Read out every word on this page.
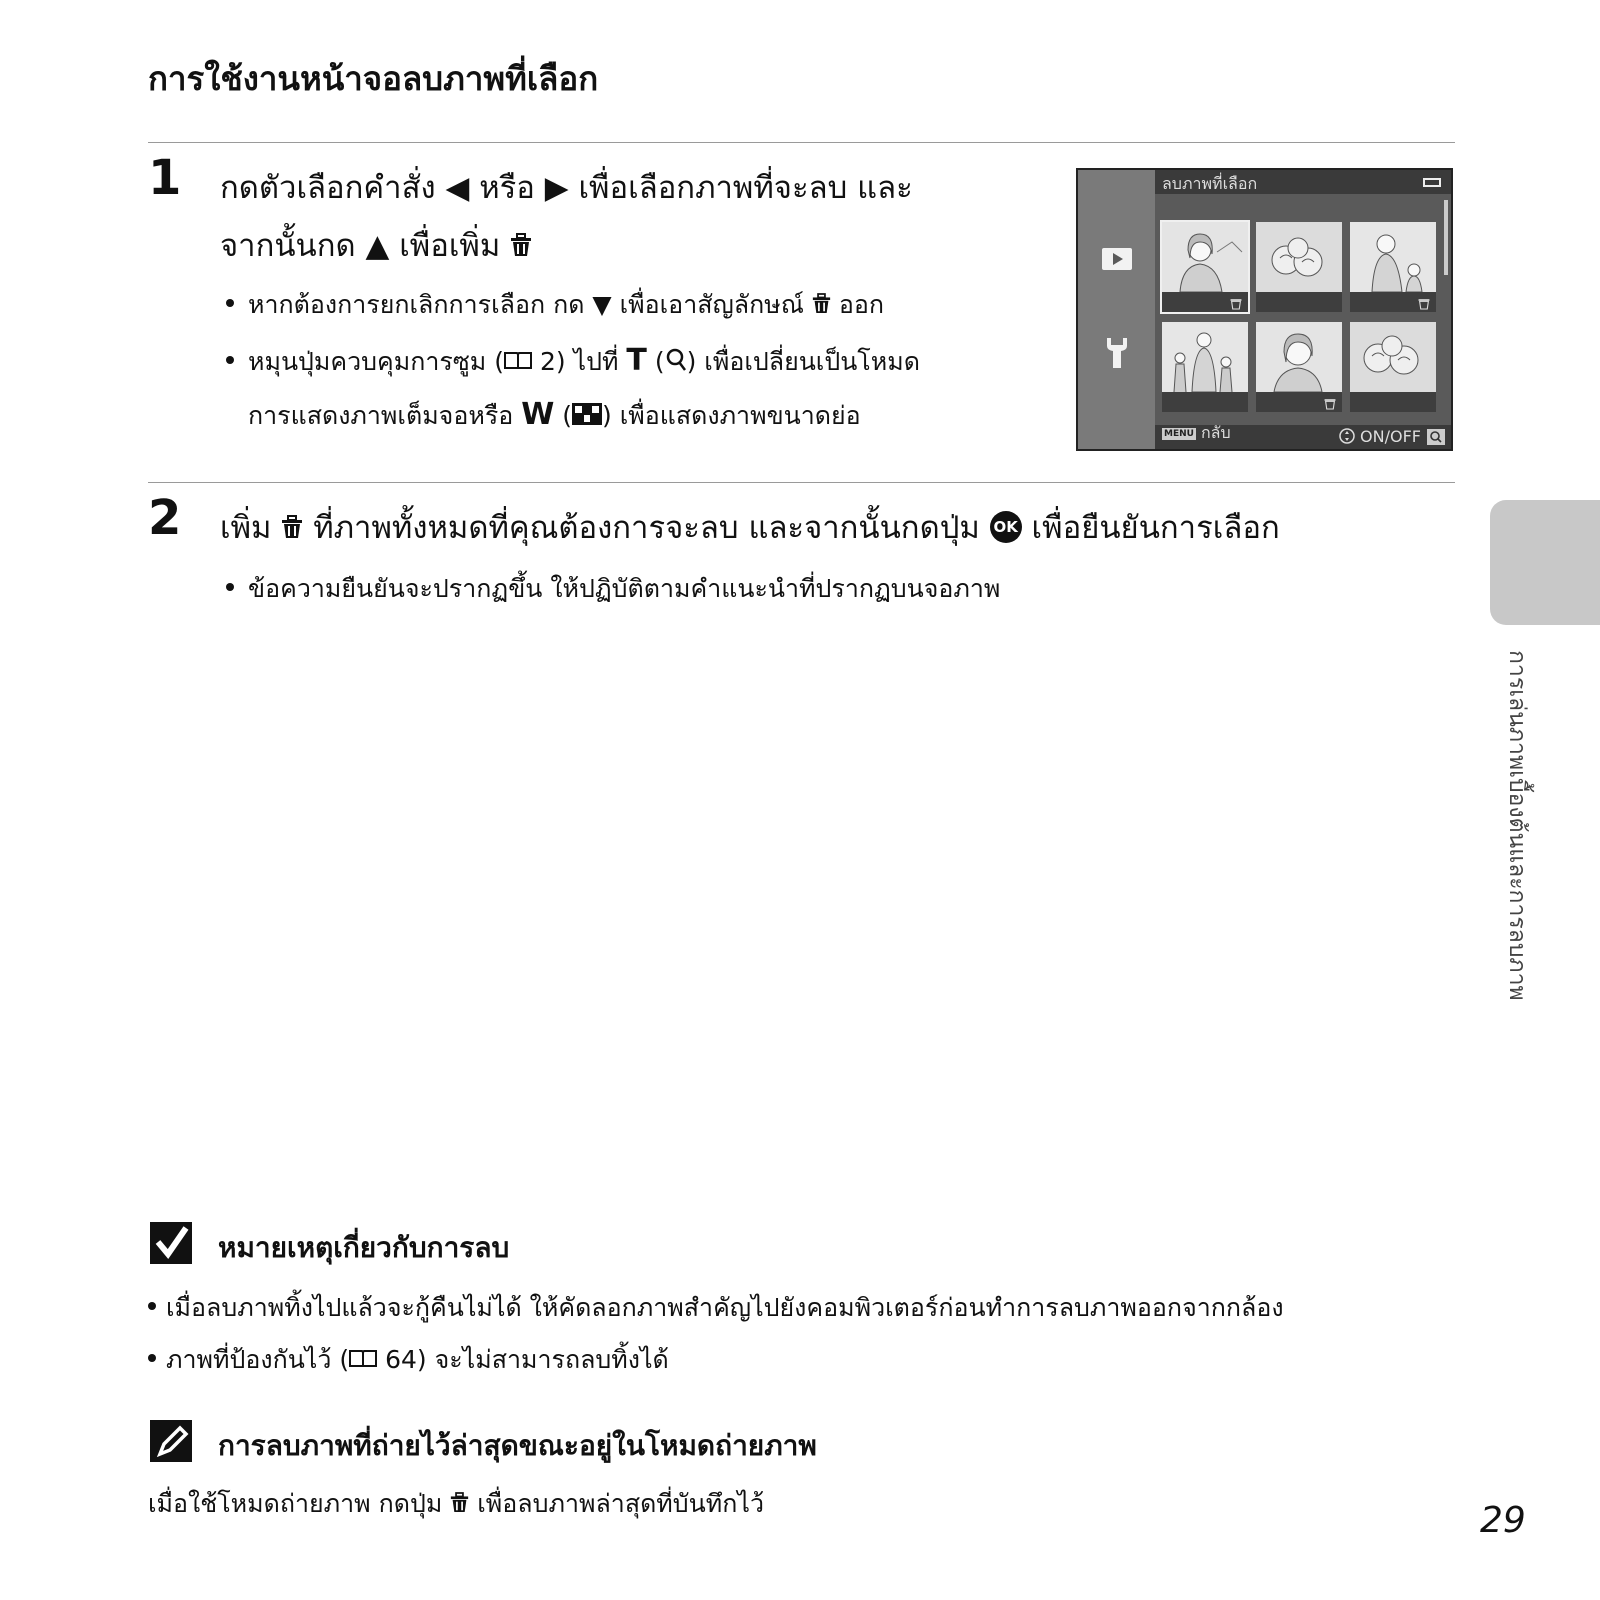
การใช้งานหน้าจอลบภาพที่เลือก
1 กดตัวเลือกคำสั่ง ◀ หรือ ▶ เพื่อเลือกภาพที่จะลบ และ
จากนั้นกด ▲ เพื่อเพิ่ม
หากต้องการยกเลิกการเลือก กด ▼ เพื่อเอาสัญลักษณ์ ออก
หมุนปุ่มควบคุมการซูม ( 2) ไปที่ T ( ) เพื่อเปลี่ยนเป็นโหมด
การแสดงภาพเต็มจอหรือ W ( ) เพื่อแสดงภาพขนาดย่อ
ลบภาพที่เลือก
MENU กลับ	ON/OFF
2 เพิ่ม ที่ภาพทั้งหมดที่คุณต้องการจะลบ และจากนั้นกดปุ่ม OK เพื่อยืนยันการเลือก
ข้อความยืนยันจะปรากฏขึ้น ให้ปฏิบัติตามคำแนะนำที่ปรากฏบนจอภาพ
การเล่นภาพเบื้องต้นและการลบภาพ
หมายเหตุเกี่ยวกับการลบ
เมื่อลบภาพทิ้งไปแล้วจะกู้คืนไม่ได้ ให้คัดลอกภาพสำคัญไปยังคอมพิวเตอร์ก่อนทำการลบภาพออกจากกล้อง
ภาพที่ป้องกันไว้ ( 64) จะไม่สามารถลบทิ้งได้
การลบภาพที่ถ่ายไว้ล่าสุดขณะอยู่ในโหมดถ่ายภาพ
เมื่อใช้โหมดถ่ายภาพ กดปุ่ม เพื่อลบภาพล่าสุดที่บันทึกไว้	29
